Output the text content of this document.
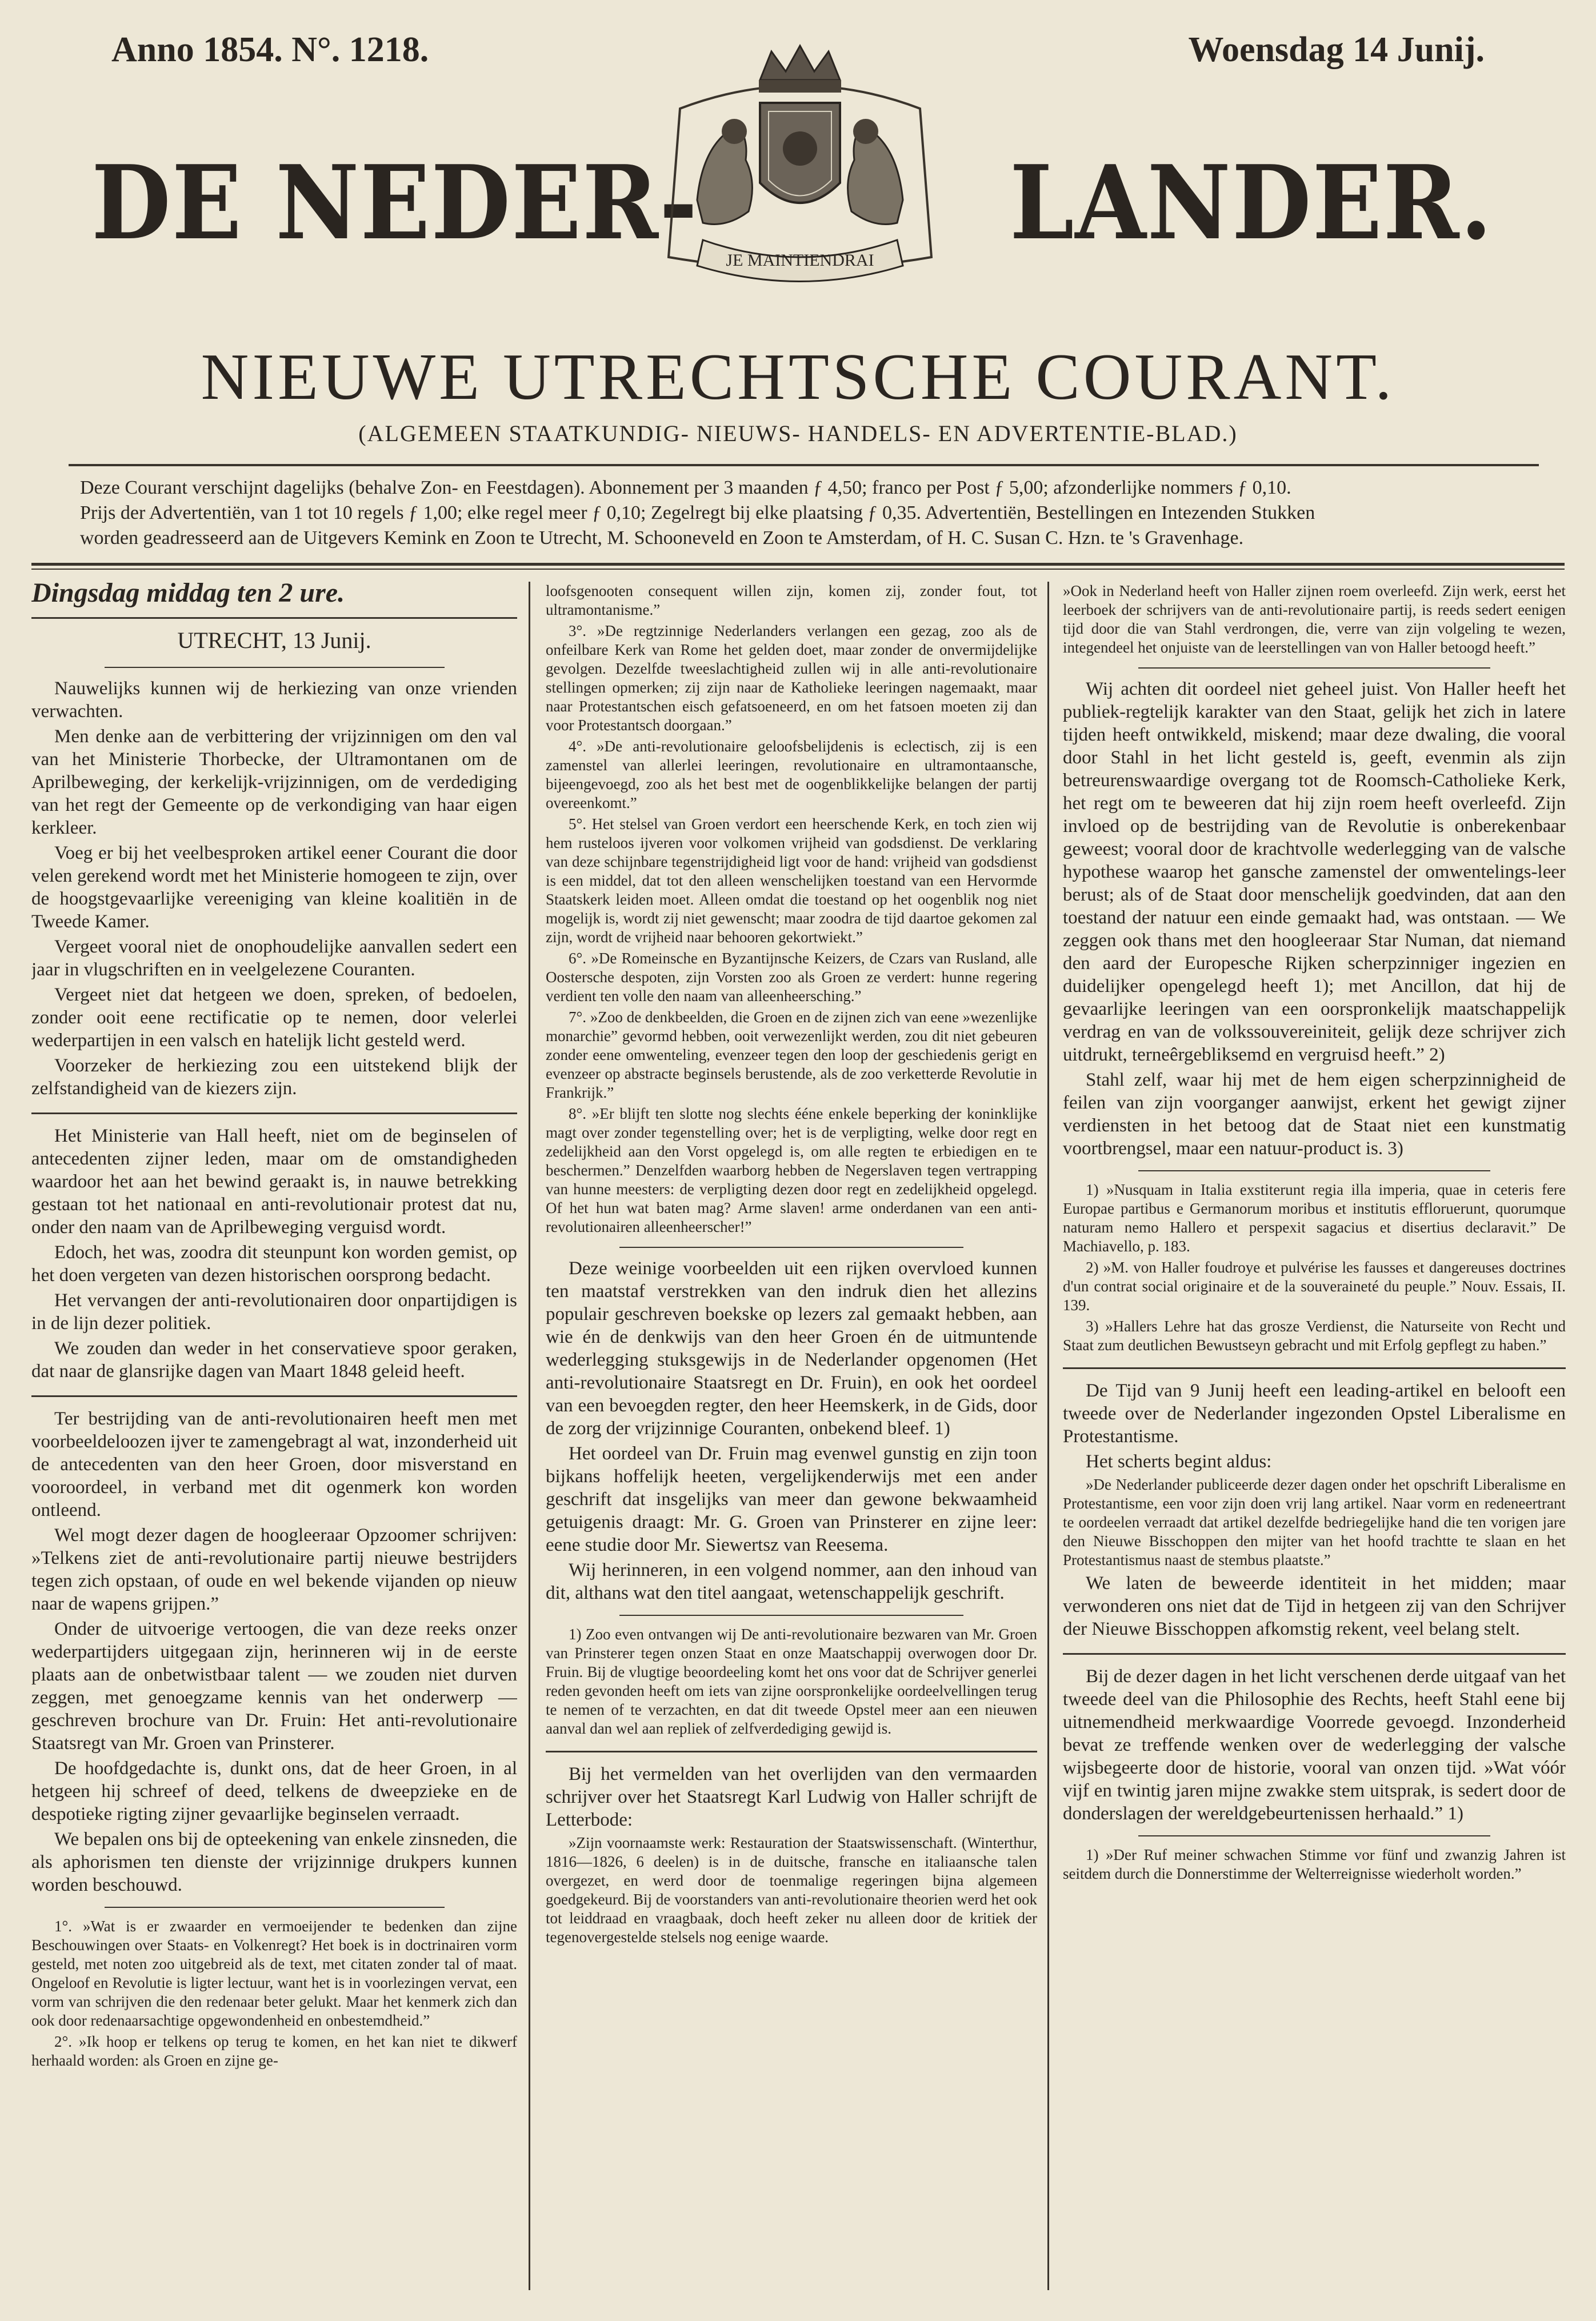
Anno 1854. N°. 1218.	Woensdag 14 Junij.
DE NEDER-	LANDER.
JE MAINTIENDRAI
NIEUWE UTRECHTSCHE COURANT.
(ALGEMEEN STAATKUNDIG- NIEUWS- HANDELS- EN ADVERTENTIE-BLAD.)

Deze Courant verschijnt dagelijks (behalve Zon- en Feestdagen). Abonnement per 3 maanden ƒ 4,50; franco per Post ƒ 5,00; afzonderlijke nommers ƒ 0,10.

Prijs der Advertentiën, van 1 tot 10 regels ƒ 1,00; elke regel meer ƒ 0,10; Zegelregt bij elke plaatsing ƒ 0,35. Advertentiën, Bestellingen en Intezenden Stukken

worden geadresseerd aan de Uitgevers Kemink en Zoon te Utrecht, M. Schooneveld en Zoon te Amsterdam, of H. C. Susan C. Hzn. te 's Gravenhage.

Dingsdag middag ten 2 ure.

UTRECHT, 13 Junij.

Nauwelijks kunnen wij de herkiezing van onze vrienden verwachten.

Men denke aan de verbittering der vrijzinnigen om den val van het Ministerie Thorbecke, der Ultramontanen om de Aprilbeweging, der kerkelijk-vrijzinnigen, om de verdediging van het regt der Gemeente op de verkondiging van haar eigen kerkleer.

Voeg er bij het veelbesproken artikel eener Courant die door velen gerekend wordt met het Ministerie homogeen te zijn, over de hoogstgevaarlijke vereeniging van kleine koalitiën in de Tweede Kamer.

Vergeet vooral niet de onophoudelijke aanvallen sedert een jaar in vlugschriften en in veelgelezene Couranten.

Vergeet niet dat hetgeen we doen, spreken, of bedoelen, zonder ooit eene rectificatie op te nemen, door velerlei wederpartijen in een valsch en hatelijk licht gesteld werd.

Voorzeker de herkiezing zou een uitstekend blijk der zelfstandigheid van de kiezers zijn.

Het Ministerie van Hall heeft, niet om de beginselen of antecedenten zijner leden, maar om de omstandigheden waardoor het aan het bewind geraakt is, in nauwe betrekking gestaan tot het nationaal en anti-revolutionair protest dat nu, onder den naam van de Aprilbeweging verguisd wordt.

Edoch, het was, zoodra dit steunpunt kon worden gemist, op het doen vergeten van dezen historischen oorsprong bedacht.

Het vervangen der anti-revolutionairen door onpartijdigen is in de lijn dezer politiek.

We zouden dan weder in het conservatieve spoor geraken, dat naar de glansrijke dagen van Maart 1848 geleid heeft.

Ter bestrijding van de anti-revolutionairen heeft men met voorbeeldeloozen ijver te zamengebragt al wat, inzonderheid uit de antecedenten van den heer Groen, door misverstand en vooroordeel, in verband met dit ogenmerk kon worden ontleend.

Wel mogt dezer dagen de hoogleeraar Opzoomer schrijven: »Telkens ziet de anti-revolutionaire partij nieuwe bestrijders tegen zich opstaan, of oude en wel bekende vijanden op nieuw naar de wapens grijpen.”

Onder de uitvoerige vertoogen, die van deze reeks onzer wederpartijders uitgegaan zijn, herinneren wij in de eerste plaats aan de onbetwistbaar talent — we zouden niet durven zeggen, met genoegzame kennis van het onderwerp — geschreven brochure van Dr. Fruin: Het anti-revolutionaire Staatsregt van Mr. Groen van Prinsterer.

De hoofdgedachte is, dunkt ons, dat de heer Groen, in al hetgeen hij schreef of deed, telkens de dweepzieke en de despotieke rigting zijner gevaarlijke beginselen verraadt.

We bepalen ons bij de opteekening van enkele zinsneden, die als aphorismen ten dienste der vrijzinnige drukpers kunnen worden beschouwd.

1°. »Wat is er zwaarder en vermoeijender te bedenken dan zijne Beschouwingen over Staats- en Volkenregt? Het boek is in doctrinairen vorm gesteld, met noten zoo uitgebreid als de text, met citaten zonder tal of maat. Ongeloof en Revolutie is ligter lectuur, want het is in voorlezingen vervat, een vorm van schrijven die den redenaar beter gelukt. Maar het kenmerk zich dan ook door redenaarsachtige opgewondenheid en onbestemdheid.”

2°. »Ik hoop er telkens op terug te komen, en het kan niet te dikwerf herhaald worden: als Groen en zijne ge-

loofsgenooten consequent willen zijn, komen zij, zonder fout, tot ultramontanisme.”

3°. »De regtzinnige Nederlanders verlangen een gezag, zoo als de onfeilbare Kerk van Rome het gelden doet, maar zonder de onvermijdelijke gevolgen. Dezelfde tweeslachtigheid zullen wij in alle anti-revolutionaire stellingen opmerken; zij zijn naar de Katholieke leeringen nagemaakt, maar naar Protestantschen eisch gefatsoeneerd, en om het fatsoen moeten zij dan voor Protestantsch doorgaan.”

4°. »De anti-revolutionaire geloofsbelijdenis is eclectisch, zij is een zamenstel van allerlei leeringen, revolutionaire en ultramontaansche, bijeengevoegd, zoo als het best met de oogenblikkelijke belangen der partij overeenkomt.”

5°. Het stelsel van Groen verdort een heerschende Kerk, en toch zien wij hem rusteloos ijveren voor volkomen vrijheid van godsdienst. De verklaring van deze schijnbare tegenstrijdigheid ligt voor de hand: vrijheid van godsdienst is een middel, dat tot den alleen wenschelijken toestand van een Hervormde Staatskerk leiden moet. Alleen omdat die toestand op het oogenblik nog niet mogelijk is, wordt zij niet gewenscht; maar zoodra de tijd daartoe gekomen zal zijn, wordt de vrijheid naar behooren gekortwiekt.”

6°. »De Romeinsche en Byzantijnsche Keizers, de Czars van Rusland, alle Oostersche despoten, zijn Vorsten zoo als Groen ze verdert: hunne regering verdient ten volle den naam van alleenheersching.”

7°. »Zoo de denkbeelden, die Groen en de zijnen zich van eene »wezenlijke monarchie” gevormd hebben, ooit verwezenlijkt werden, zou dit niet gebeuren zonder eene omwenteling, evenzeer tegen den loop der geschiedenis gerigt en evenzeer op abstracte beginsels berustende, als de zoo verketterde Revolutie in Frankrijk.”

8°. »Er blijft ten slotte nog slechts ééne enkele beperking der koninklijke magt over zonder tegenstelling over; het is de verpligting, welke door regt en zedelijkheid aan den Vorst opgelegd is, om alle regten te erbiedigen en te beschermen.” Denzelfden waarborg hebben de Negerslaven tegen vertrapping van hunne meesters: de verpligting dezen door regt en zedelijkheid opgelegd. Of het hun wat baten mag? Arme slaven! arme onderdanen van een anti-revolutionairen alleenheerscher!”

Deze weinige voorbeelden uit een rijken overvloed kunnen ten maatstaf verstrekken van den indruk dien het allezins populair geschreven boekske op lezers zal gemaakt hebben, aan wie én de denkwijs van den heer Groen én de uitmuntende wederlegging stuksgewijs in de Nederlander opgenomen (Het anti-revolutionaire Staatsregt en Dr. Fruin), en ook het oordeel van een bevoegden regter, den heer Heemskerk, in de Gids, door de zorg der vrijzinnige Couranten, onbekend bleef. 1)

Het oordeel van Dr. Fruin mag evenwel gunstig en zijn toon bijkans hoffelijk heeten, vergelijkenderwijs met een ander geschrift dat insgelijks van meer dan gewone bekwaamheid getuigenis draagt: Mr. G. Groen van Prinsterer en zijne leer: eene studie door Mr. Siewertsz van Reesema.

Wij herinneren, in een volgend nommer, aan den inhoud van dit, althans wat den titel aangaat, wetenschappelijk geschrift.

1) Zoo even ontvangen wij De anti-revolutionaire bezwaren van Mr. Groen van Prinsterer tegen onzen Staat en onze Maatschappij overwogen door Dr. Fruin. Bij de vlugtige beoordeeling komt het ons voor dat de Schrijver generlei reden gevonden heeft om iets van zijne oorspronkelijke oordeelvellingen terug te nemen of te verzachten, en dat dit tweede Opstel meer aan een nieuwen aanval dan wel aan repliek of zelfverdediging gewijd is.

Bij het vermelden van het overlijden van den vermaarden schrijver over het Staatsregt Karl Ludwig von Haller schrijft de Letterbode:

»Zijn voornaamste werk: Restauration der Staatswissenschaft. (Winterthur, 1816—1826, 6 deelen) is in de duitsche, fransche en italiaansche talen overgezet, en werd door de toenmalige regeringen bijna algemeen goedgekeurd. Bij de voorstanders van anti-revolutionaire theorien werd het ook tot leiddraad en vraagbaak, doch heeft zeker nu alleen door de kritiek der tegenovergestelde stelsels nog eenige waarde.

»Ook in Nederland heeft von Haller zijnen roem overleefd. Zijn werk, eerst het leerboek der schrijvers van de anti-revolutionaire partij, is reeds sedert eenigen tijd door die van Stahl verdrongen, die, verre van zijn volgeling te wezen, integendeel het onjuiste van de leerstellingen van von Haller betoogd heeft.”

Wij achten dit oordeel niet geheel juist. Von Haller heeft het publiek-regtelijk karakter van den Staat, gelijk het zich in latere tijden heeft ontwikkeld, miskend; maar deze dwaling, die vooral door Stahl in het licht gesteld is, geeft, evenmin als zijn betreurenswaardige overgang tot de Roomsch-Catholieke Kerk, het regt om te beweeren dat hij zijn roem heeft overleefd. Zijn invloed op de bestrijding van de Revolutie is onberekenbaar geweest; vooral door de krachtvolle wederlegging van de valsche hypothese waarop het gansche zamenstel der omwentelings-leer berust; als of de Staat door menschelijk goedvinden, dat aan den toestand der natuur een einde gemaakt had, was ontstaan. — We zeggen ook thans met den hoogleeraar Star Numan, dat niemand den aard der Europesche Rijken scherpzinniger ingezien en duidelijker opengelegd heeft 1); met Ancillon, dat hij de gevaarlijke leeringen van een oorspronkelijk maatschappelijk verdrag en van de volkssouvereiniteit, gelijk deze schrijver zich uitdrukt, terneêrgebliksemd en vergruisd heeft.” 2)

Stahl zelf, waar hij met de hem eigen scherpzinnigheid de feilen van zijn voorganger aanwijst, erkent het gewigt zijner verdiensten in het betoog dat de Staat niet een kunstmatig voortbrengsel, maar een natuur-product is. 3)

1) »Nusquam in Italia exstiterunt regia illa imperia, quae in ceteris fere Europae partibus e Germanorum moribus et institutis effloruerunt, quorumque naturam nemo Hallero et perspexit sagacius et disertius declaravit.” De Machiavello, p. 183.

2) »M. von Haller foudroye et pulvérise les fausses et dangereuses doctrines d'un contrat social originaire et de la souveraineté du peuple.” Nouv. Essais, II. 139.

3) »Hallers Lehre hat das grosze Verdienst, die Naturseite von Recht und Staat zum deutlichen Bewustseyn gebracht und mit Erfolg gepflegt zu haben.”

De Tijd van 9 Junij heeft een leading-artikel en belooft een tweede over de Nederlander ingezonden Opstel Liberalisme en Protestantisme.

Het scherts begint aldus:

»De Nederlander publiceerde dezer dagen onder het opschrift Liberalisme en Protestantisme, een voor zijn doen vrij lang artikel. Naar vorm en redeneertrant te oordeelen verraadt dat artikel dezelfde bedriegelijke hand die ten vorigen jare den Nieuwe Bisschoppen den mijter van het hoofd trachtte te slaan en het Protestantismus naast de stembus plaatste.”

We laten de beweerde identiteit in het midden; maar verwonderen ons niet dat de Tijd in hetgeen zij van den Schrijver der Nieuwe Bisschoppen afkomstig rekent, veel belang stelt.

Bij de dezer dagen in het licht verschenen derde uitgaaf van het tweede deel van die Philosophie des Rechts, heeft Stahl eene bij uitnemendheid merkwaardige Voorrede gevoegd. Inzonderheid bevat ze treffende wenken over de wederlegging der valsche wijsbegeerte door de historie, vooral van onzen tijd. »Wat vóór vijf en twintig jaren mijne zwakke stem uitsprak, is sedert door de donderslagen der wereldgebeurtenissen herhaald.” 1)

1) »Der Ruf meiner schwachen Stimme vor fünf und zwanzig Jahren ist seitdem durch die Donnerstimme der Welterreignisse wiederholt worden.”
